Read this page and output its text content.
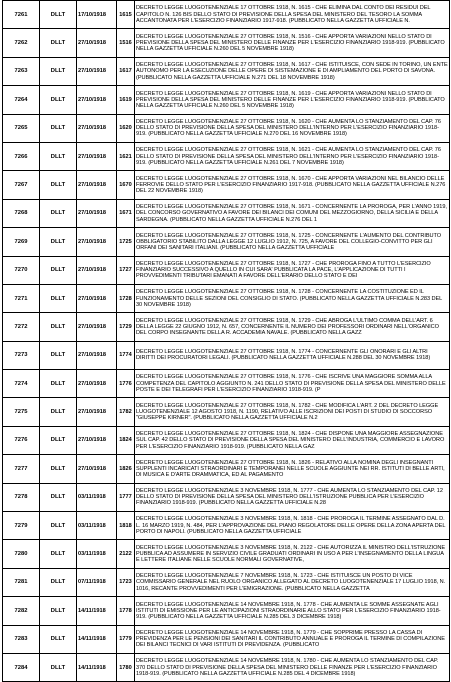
7261	DLLT	17/10/1918	1615	DECRETO LEGGE LUOGOTENENZIALE 17 OTTOBRE 1918, N. 1615 - CHE ELIMINA DAL CONTO DEI RESIDUI DEL CAPITOLO N. 126 BIS DELLO STATO DI PREVISIONE DELLA SPESA DEL MINISTERO DEL TESORO LA SOMMA ACCANTONATA PER L'ESERCIZIO FINANZIARIO 1917-918. (PUBBLICATO NELLA GAZZETTA UFFICIALE N.

7262	DLLT	27/10/1918	1516	DECRETO LEGGE LUOGOTENENZIALE 27 OTTOBRE 1918, N. 1516 - CHE APPORTA VARIAZIONI NELLO STATO DI PREVISIONE DELLA SPESA DEL MINISTERO DELLE FINANZE PER L'ESERCIZIO FINANZIARIO 1918-919. (PUBBLICATO NELLA GAZZETTA UFFICIALE N.260 DEL 5 NOVEMBRE 1918)

7263	DLLT	27/10/1918	1617	DECRETO LEGGE LUOGOTENENZIALE 27 OTTOBRE 1918, N. 1617 - CHE ISTITUISCE, CON SEDE IN TORINO, UN ENTE AUTONOMO PER LA ESECUZIONE DELLE OPERE DI SISTEMAZIONE E DI AMPLIAMENTO DEL PORTO DI SAVONA. (PUBBLICATO NELLA GAZZETTA UFFICIALE N.271 DEL 18 NOVEMBRE 1918)

7264	DLLT	27/10/1918	1619	DECRETO LEGGE LUOGOTENENZIALE 27 OTTOBRE 1918, N. 1619 - CHE APPORTA VARIAZIONI NELLO STATO DI PREVISIONE DELLA SPESA DEL MINISTERO DELLE FINANZE PER L'ESERCIZIO FINANZIARIO 1918-919. (PUBBLICATO NELLA GAZZETTA UFFICIALE N.260 DEL 5 NOVEMBRE 1918)

7265	DLLT	27/10/1918	1620	DECRETO LEGGE LUOGOTENENZIALE 27 OTTOBRE 1918, N. 1620 - CHE AUMENTA LO STANZIAMENTO DEL CAP. 76 DELLO STATO DI PREVISIONE DELLA SPESA DEL MINISTERO DELL'INTERNO PER L'ESERCIZIO FINANZIARIO 1918-919. (PUBBLICATO NELLA GAZZETTA UFFICIALE N.270 DEL 16 NOVEMBRE 1918)

7266	DLLT	27/10/1918	1621	DECRETO LEGGE LUOGOTENENZIALE 27 OTTOBRE 1918, N. 1621 - CHE AUMENTA LO STANZIAMENTO DEL CAP. 76 DELLO STATO DI PREVISIONE DELLA SPESA DEL MINISTERO DELL'INTERNO PER L'ESERCIZIO FINANZIARIO 1918-919. (PUBBLICATO NELLA GAZZETTA UFFICIALE N.261 DEL 7 NOVEMBRE 1918)

7267	DLLT	27/10/1918	1670	DECRETO LEGGE LUOGOTENENZIALE 27 OTTOBRE 1918, N. 1670 - CHE APPORTA VARIAZIONI NEL BILANCIO DELLE FERROVIE DELLO STATO PER L'ESERCIZIO FINANZIARIO 1917-918. (PUBBLICATO NELLA GAZZETTA UFFICIALE N.276 DEL 22 NOVEMBRE 1918)

7268	DLLT	27/10/1918	1671	DECRETO LEGGE LUOGOTENENZIALE 27 OTTOBRE 1918, N. 1671 - CONCERNENTE LA PROROGA, PER L'ANNO 1919, DEL CONCORSO GOVERNATIVO A FAVORE DEI BILANCI DEI COMUNI DEL MEZZOGIORNO, DELLA SICILIA E DELLA SARDEGNA. (PUBBLICATO NELLA GAZZETTA UFFICIALE N.276 DEL 1

7269	DLLT	27/10/1918	1725	DECRETO LEGGE LUOGOTENENZIALE 27 OTTOBRE 1918, N. 1725 - CONCERNENTE L'AUMENTO DEL CONTRIBUTO OBBLIGATORIO STABILITO DALLA LEGGE 12 LUGLIO 1912, N. 725, A FAVORE DEL COLLEGIO-CONVITTO PER GLI ORFANI DEI SANITARI ITALIANI. (PUBBLICATO NELLA GAZZETTA UFFICIALE

7270	DLLT	27/10/1918	1727	DECRETO LEGGE LUOGOTENENZIALE 27 OTTOBRE 1918, N. 1727 - CHE PROROGA FINO A TUTTO L'ESERCIZIO FINANZIARIO SUCCESSIVO A QUELLO IN CUI SARA' PUBBLICATA LA PACE, L'APPLICAZIONE DI TUTTI I PROVVEDIMENTI TRIBUTARI EMANATI A FAVORE DELL'ERARIO DELLO STATO E DEI

7271	DLLT	27/10/1918	1728	DECRETO LEGGE LUOGOTENENZIALE 27 OTTOBRE 1918, N. 1728 - CONCERNENTE LA COSTITUZIONE ED IL FUNZIONAMENTO DELLE SEZIONI DEL CONSIGLIO DI STATO. (PUBBLICATO NELLA GAZZETTA UFFICIALE N.283 DEL 30 NOVEMBRE 1918)

7272	DLLT	27/10/1918	1729	DECRETO LEGGE LUOGOTENENZIALE 27 OTTOBRE 1918, N. 1729 - CHE ABROGA L'ULTIMO COMMA DELL'ART. 6 DELLA LEGGE 22 GIUGNO 1912, N. 657, CONCERNENTE IL NUMERO DEI PROFESSORI ORDINARI NELL'ORGANICO DEL CORPO INSEGNANTE DELLA R. ACCADEMIA NAVALE. (PUBBLICATO NELLA GAZZ

7273	DLLT	27/10/1918	1774	DECRETO LEGGE LUOGOTENENZIALE 27 OTTOBRE 1918, N. 1774 - CONCERNENTE GLI ONORARI E GLI ALTRI DIRITTI DEI PROCURATORI LEGALI. (PUBBLICATO NELLA GAZZETTA UFFICIALE N.288 DEL 30 NOVEMBRE 1918)

7274	DLLT	27/10/1918	1776	DECRETO LEGGE LUOGOTENENZIALE 27 OTTOBRE 1918, N. 1776 - CHE ISCRIVE UNA MAGGIORE SOMMA ALLA COMPETENZA DEL CAPITOLO AGGIUNTO N. 241 DELLO STATO DI PREVISIONE DELLA SPESA DEL MINISTERO DELLE POSTE E DEI TELEGRAFI PER L'ESERCIZIO FINANZIARIO 1918-919. (P

7275	DLLT	27/10/1918	1782	DECRETO LEGGE LUOGOTENENZIALE 27 OTTOBRE 1918, N. 1782 - CHE MODIFICA L'ART. 2 DEL DECRETO LEGGE LUOGOTENENZIALE 12 AGOSTO 1918, N. 1190, RELATIVO ALLE ISCRIZIONI DEI POSTI DI STUDIO DI SOCCORSO "GIUSEPPE KIRNER". (PUBBLICATO NELLA GAZZETTA UFFICIALE N.2

7276	DLLT	27/10/1918	1824	DECRETO LEGGE LUOGOTENENZIALE 27 OTTOBRE 1918, N. 1824 - CHE DISPONE UNA MAGGIORE ASSEGNAZIONE SUL CAP. 42 DELLO STATO DI PREVISIONE DELLA SPESA DEL MINISTERO DELL'INDUSTRIA, COMMERCIO E LAVORO PER L'ESERCIZIO FINANZIARIO 1918-919. (PUBBLICATO NELLA GAZ

7277	DLLT	27/10/1918	1826	DECRETO LEGGE LUOGOTENENZIALE 27 OTTOBRE 1918, N. 1826 - RELATIVO ALLA NOMINA DEGLI INSEGNANTI SUPPLENTI INCARICATI STRAORDINARI E TEMPORANEI NELLE SCUOLE AGGIUNTE NEI RR. ISTITUTI DI BELLE ARTI, DI MUSICA E D'ARTE DRAMMATICA, ED AL PAGAMENTO

7278	DLLT	03/11/1918	1777	DECRETO LEGGE LUOGOTENENZIALE 3 NOVEMBRE 1918, N. 1777 - CHE AUMENTA LO STANZIAMENTO DEL CAP. 12 DELLO STATO DI PREVISIONE DELLA SPESA DEL MINISTERO DELL'ISTRUZIONE PUBBLICA PER L'ESERCIZIO FINANZIARIO 1918-919. (PUBBLICATO NELLA GAZZETTA UFFICIALE N.28

7279	DLLT	03/11/1918	1818	DECRETO LEGGE LUOGOTENENZIALE 3 NOVEMBRE 1918, N. 1818 - CHE PROROGA IL TERMINE ASSEGNATO DAL D. L. 16 MARZO 1919, N. 484, PER L'APPROVAZIONE DEL PIANO REGOLATORE DELLE OPERE DELLA ZONA APERTA DEL PORTO DI NAPOLI. (PUBBLICATO NELLA GAZZETTA UFFICIALE

7280	DLLT	03/11/1918	2122	DECRETO LEGGE LUOGOTENENZIALE 3 NOVEMBRE 1918, N. 2122 - CHE AUTORIZZA IL MINISTRO DELL'ISTRUZIONE PUBBLICA AD ASSUMERE IN SERVIZIO CIVILE GRADUATI ORDINARI IN USO A PER L'INSEGNAMENTO DELLA LINGUA E LETTERE ITALIANE NELLE SCUOLE NORMALI GOVERNATIVE,

7281	DLLT	07/11/1918	1723	DECRETO LEGGE LUOGOTENENZIALE 7 NOVEMBRE 1918, N. 1723 - CHE ISTITUISCE UN POSTO DI VICE COMMISSARIO GENERALE NEL RUOLO ORGANICO ALLEGATO AL DECRETO LUOGOTENENZIALE 17 LUGLIO 1918, N. 1016, RECANTE PROVVEDIMENTI PER L'EMIGRAZIONE. (PUBBLICATO NELLA GAZZETTA

7282	DLLT	14/11/1918	1778	DECRETO LEGGE LUOGOTENENZIALE 14 NOVEMBRE 1918, N. 1778 - CHE AUMENTA LE SOMME ASSEGNATE AGLI ISTITUTI DI EMISSIONE PER LE ANTICIPAZIONI STRAORDINARIE ALLO STATO PER L'ESERCIZIO FINANZIARIO 1918-919. (PUBBLICATO NELLA GAZZETTA UFFICIALE N.285 DEL 3 DICEMBRE 1918)

7283	DLLT	14/11/1918	1779	DECRETO LEGGE LUOGOTENENZIALE 14 NOVEMBRE 1918, N. 1779 - CHE SOPPRIME PRESSO LA CASSA DI PREVIDENZA PER LE PENSIONI DEI SANITARI IL CONTRIBUTO ANNUALE E PROROGA IL TERMINE DI COMPILAZIONE DEI BILANCI TECNICI DI VARI ISTITUTI DI PREVIDENZA. (PUBBLICATO

7284	DLLT	14/11/1918	1780	DECRETO LEGGE LUOGOTENENZIALE 14 NOVEMBRE 1918, N. 1780 - CHE AUMENTA LO STANZIAMENTO DEL CAP. 370 DELLO STATO DI PREVISIONE DELLA SPESA DEL MINISTERO DELLE FINANZE PER L'ESERCIZIO FINANZIARIO 1918-919. (PUBBLICATO NELLA GAZZETTA UFFICIALE N.285 DEL 4 DICEMBRE 1918)
